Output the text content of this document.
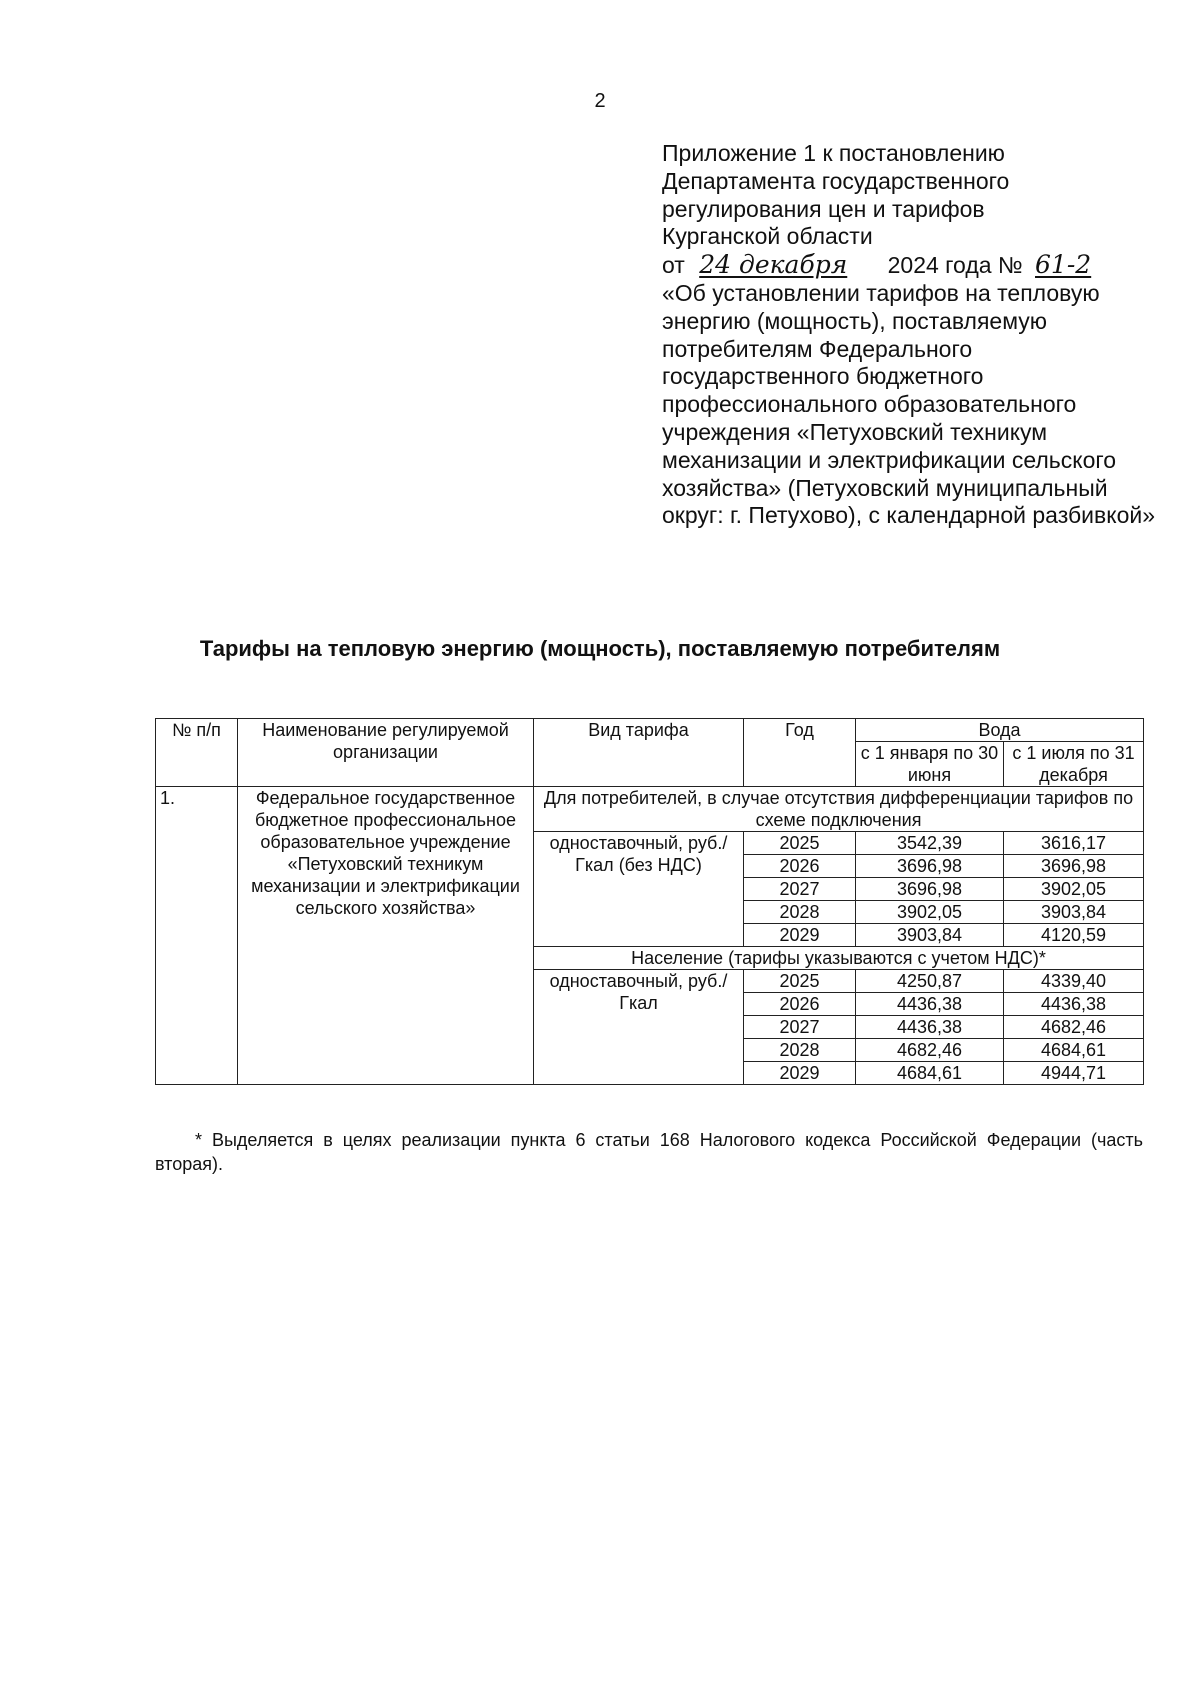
2

Приложение 1 к постановлению

Департамента государственного

регулирования цен и тарифов

Курганской области

от 24 декабря 2024 года № 61-2

«Об установлении тарифов на тепловую энергию (мощность), поставляемую потребителям Федерального государственного бюджетного профессионального образовательного учреждения «Петуховский техникум механизации и электрификации сельского хозяйства» (Петуховский муниципальный округ: г. Петухово), с календарной разбивкой»

Тарифы на тепловую энергию (мощность), поставляемую потребителям
№ п/п	Наименование регулируемой организации	Вид тарифа	Год	Вода	
				с 1 января по 30 июня	с 1 июля по 31 декабря
1.	Федеральное государственное бюджетное профессиональное образовательное учреждение «Петуховский техникум механизации и электрификации сельского хозяйства»	Для потребителей, в случае отсутствия дифференциации тарифов по схеме подключения			
		одноставочный, руб./Гкал (без НДС)	2025	3542,39	3616,17
			2026	3696,98	3696,98
			2027	3696,98	3902,05
			2028	3902,05	3903,84
			2029	3903,84	4120,59
		Население (тарифы указываются с учетом НДС)*			
		одноставочный, руб./Гкал	2025	4250,87	4339,40
			2026	4436,38	4436,38
			2027	4436,38	4682,46
			2028	4682,46	4684,61
			2029	4684,61	4944,71
* Выделяется в целях реализации пункта 6 статьи 168 Налогового кодекса Российской Федерации (часть вторая).
